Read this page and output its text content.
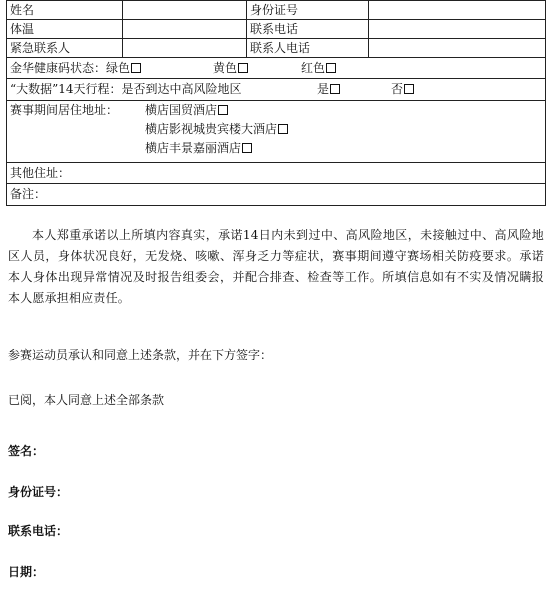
姓名	身份证号
体温	联系电话
紧急联系人	联系人电话
金华健康码状态：绿色	黄色	红色
“大数据”14天行程：是否到达中高风险地区	是	否
赛事期间居住地址：	横店国贸酒店
横店影视城贵宾楼大酒店
横店丰景嘉丽酒店
其他住址：
备注：
本人郑重承诺以上所填内容真实，承诺14日内未到过中、高风险地区，未接触过中、高风险地区人员，身体状况良好，无发烧、咳嗽、浑身乏力等症状，赛事期间遵守赛场相关防疫要求。承诺本人身体出现异常情况及时报告组委会，并配合排查、检查等工作。所填信息如有不实及情况瞒报本人愿承担相应责任。
参赛运动员承认和同意上述条款，并在下方签字：
已阅，本人同意上述全部条款
签名：
身份证号：
联系电话：
日期：
